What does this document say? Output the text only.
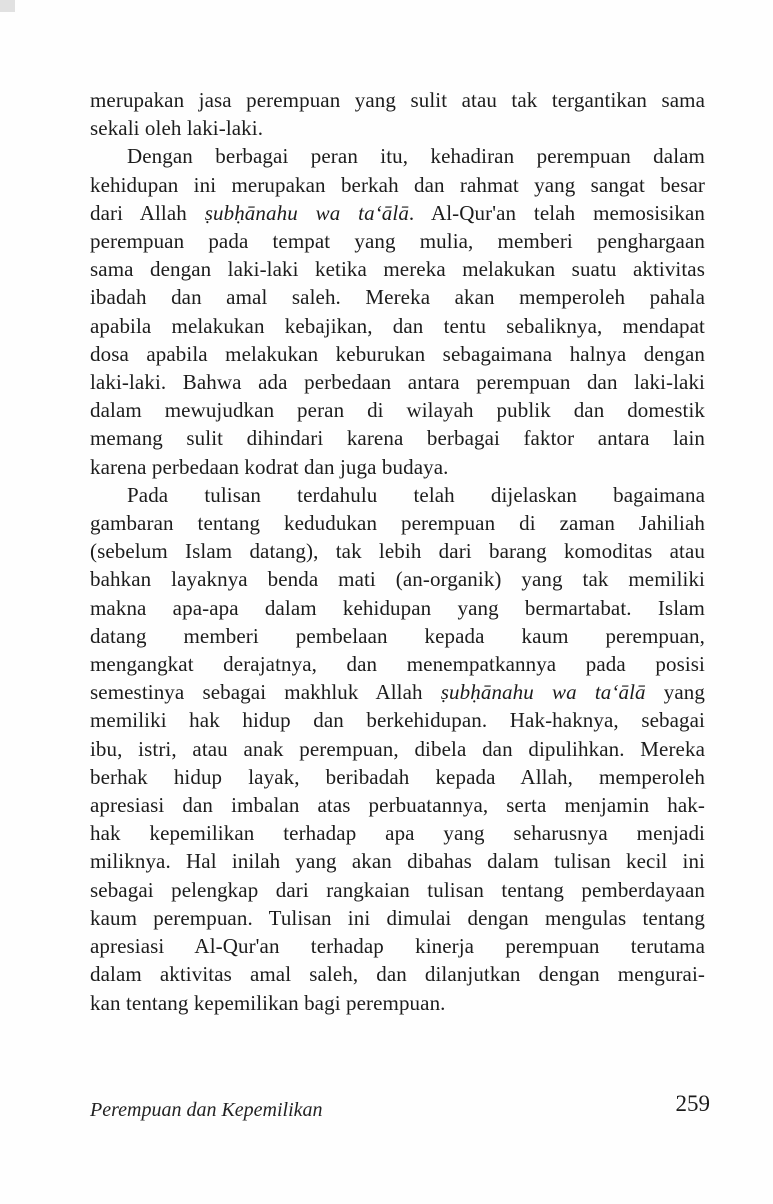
merupakan jasa perempuan yang sulit atau tak tergantikan sama
sekali oleh laki-laki.
Dengan berbagai peran itu, kehadiran perempuan dalam
kehidupan ini merupakan berkah dan rahmat yang sangat besar
dari Allah ṣubḥānahu wa taʻālā. Al-Qur'an telah memosisikan
perempuan pada tempat yang mulia, memberi penghargaan
sama dengan laki-laki ketika mereka melakukan suatu aktivitas
ibadah dan amal saleh. Mereka akan memperoleh pahala
apabila melakukan kebajikan, dan tentu sebaliknya, mendapat
dosa apabila melakukan keburukan sebagaimana halnya dengan
laki-laki. Bahwa ada perbedaan antara perempuan dan laki-laki
dalam mewujudkan peran di wilayah publik dan domestik
memang sulit dihindari karena berbagai faktor antara lain
karena perbedaan kodrat dan juga budaya.
Pada tulisan terdahulu telah dijelaskan bagaimana
gambaran tentang kedudukan perempuan di zaman Jahiliah
(sebelum Islam datang), tak lebih dari barang komoditas atau
bahkan layaknya benda mati (an-organik) yang tak memiliki
makna apa-apa dalam kehidupan yang bermartabat. Islam
datang memberi pembelaan kepada kaum perempuan,
mengangkat derajatnya, dan menempatkannya pada posisi
semestinya sebagai makhluk Allah ṣubḥānahu wa taʻālā yang
memiliki hak hidup dan berkehidupan. Hak-haknya, sebagai
ibu, istri, atau anak perempuan, dibela dan dipulihkan. Mereka
berhak hidup layak, beribadah kepada Allah, memperoleh
apresiasi dan imbalan atas perbuatannya, serta menjamin hak-
hak kepemilikan terhadap apa yang seharusnya menjadi
miliknya. Hal inilah yang akan dibahas dalam tulisan kecil ini
sebagai pelengkap dari rangkaian tulisan tentang pemberdayaan
kaum perempuan. Tulisan ini dimulai dengan mengulas tentang
apresiasi Al-Qur'an terhadap kinerja perempuan terutama
dalam aktivitas amal saleh, dan dilanjutkan dengan mengurai-
kan tentang kepemilikan bagi perempuan.
Perempuan dan Kepemilikan	259
